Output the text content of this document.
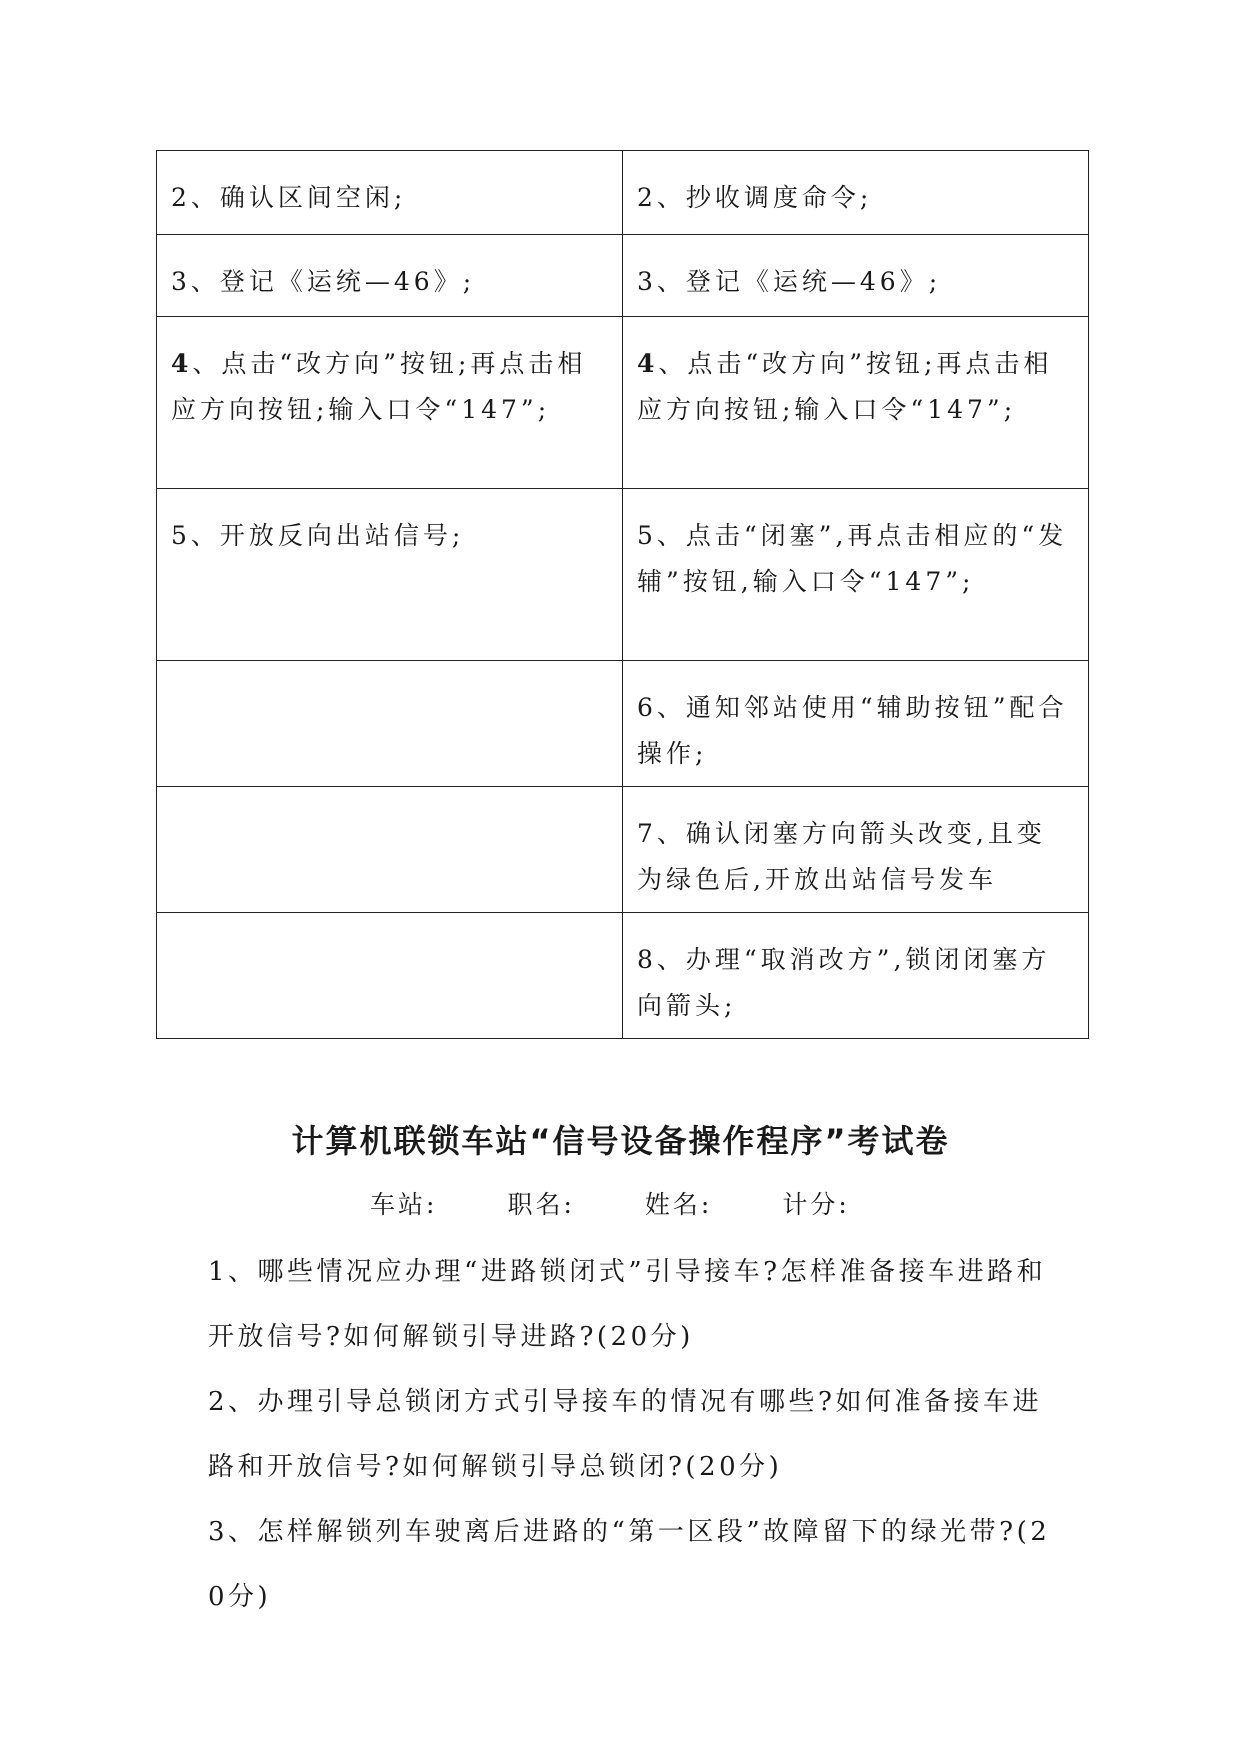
2、确认区间空闲;	2、抄收调度命令;
3、登记《运统—46》;	3、登记《运统—46》;
4、点击“改方向”按钮;再点击相应方向按钮;输入口令“147”;	4、点击“改方向”按钮;再点击相应方向按钮;输入口令“147”;
5、开放反向出站信号;	5、点击“闭塞”,再点击相应的“发辅”按钮,输入口令“147”;
	6、通知邻站使用“辅助按钮”配合操作;
	7、确认闭塞方向箭头改变,且变为绿色后,开放出站信号发车
	8、办理“取消改方”,锁闭闭塞方向箭头;
计算机联锁车站“信号设备操作程序”考试卷
车站:	职名:	姓名:	计分:

1、哪些情况应办理“进路锁闭式”引导接车?怎样准备接车进路和开放信号?如何解锁引导进路?(20分)

2、办理引导总锁闭方式引导接车的情况有哪些?如何准备接车进路和开放信号?如何解锁引导总锁闭?(20分)

3、怎样解锁列车驶离后进路的“第一区段”故障留下的绿光带?(20分)
